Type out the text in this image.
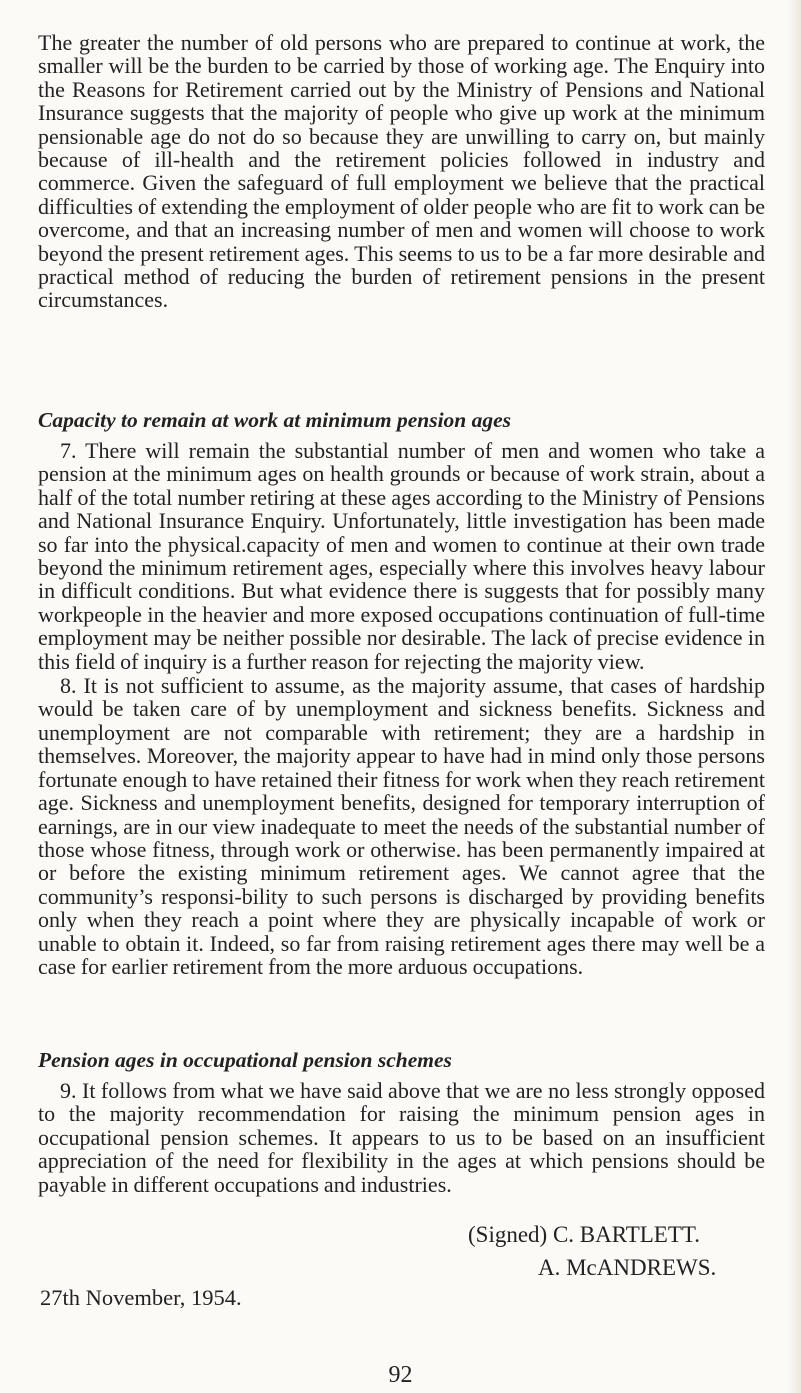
The greater the number of old persons who are prepared to continue at work, the smaller will be the burden to be carried by those of working age. The Enquiry into the Reasons for Retirement carried out by the Ministry of Pensions and National Insurance suggests that the majority of people who give up work at the minimum pensionable age do not do so because they are unwilling to carry on, but mainly because of ill-health and the retirement policies followed in industry and commerce. Given the safeguard of full employment we believe that the practical difficulties of extending the employment of older people who are fit to work can be overcome, and that an increasing number of men and women will choose to work beyond the present retirement ages. This seems to us to be a far more desirable and practical method of reducing the burden of retirement pensions in the present circumstances.

Capacity to remain at work at minimum pension ages

7. There will remain the substantial number of men and women who take a pension at the minimum ages on health grounds or because of work strain, about a half of the total number retiring at these ages according to the Ministry of Pensions and National Insurance Enquiry. Unfortunately, little investigation has been made so far into the physical.capacity of men and women to continue at their own trade beyond the minimum retirement ages, especially where this involves heavy labour in difficult conditions. But what evidence there is suggests that for possibly many workpeople in the heavier and more exposed occupations continuation of full-time employment may be neither possible nor desirable. The lack of precise evidence in this field of inquiry is a further reason for rejecting the majority view.

8. It is not sufficient to assume, as the majority assume, that cases of hardship would be taken care of by unemployment and sickness benefits. Sickness and unemployment are not comparable with retirement; they are a hardship in themselves. Moreover, the majority appear to have had in mind only those persons fortunate enough to have retained their fitness for work when they reach retirement age. Sickness and unemployment benefits, designed for temporary interruption of earnings, are in our view inadequate to meet the needs of the substantial number of those whose fitness, through work or otherwise. has been permanently impaired at or before the existing minimum retirement ages. We cannot agree that the community’s responsi-bility to such persons is discharged by providing benefits only when they reach a point where they are physically incapable of work or unable to obtain it. Indeed, so far from raising retirement ages there may well be a case for earlier retirement from the more arduous occupations.

Pension ages in occupational pension schemes

9. It follows from what we have said above that we are no less strongly opposed to the majority recommendation for raising the minimum pension ages in occupational pension schemes. It appears to us to be based on an insufficient appreciation of the need for flexibility in the ages at which pensions should be payable in different occupations and industries.

(Signed) C. BARTLETT.
A. McANDREWS.
27th November, 1954.
92
